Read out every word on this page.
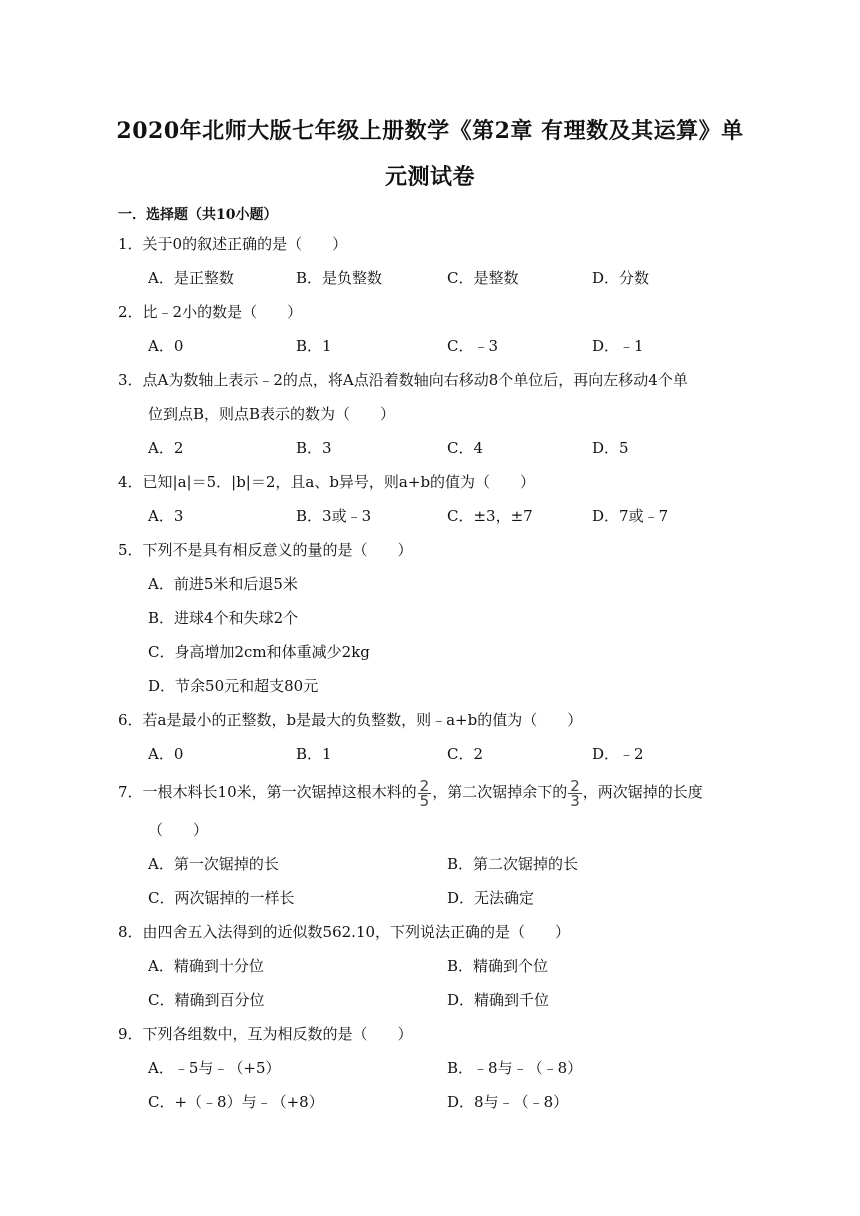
2020年北师大版七年级上册数学《第2章 有理数及其运算》单
元测试卷
一．选择题（共10小题）
1．关于0的叙述正确的是（　　）
A．是正整数	B．是负整数	C．是整数	D．分数
2．比﹣2小的数是（　　）
A．0	B．1	C．﹣3	D．﹣1
3．点A为数轴上表示﹣2的点，将A点沿着数轴向右移动8个单位后，再向左移动4个单
位到点B，则点B表示的数为（　　）
A．2	B．3	C．4	D．5
4．已知|a|＝5．|b|＝2，且a、b异号，则a+b的值为（　　）
A．3	B．3或﹣3	C．±3，±7	D．7或﹣7
5．下列不是具有相反意义的量的是（　　）
A．前进5米和后退5米
B．进球4个和失球2个
C．身高增加2cm和体重减少2kg
D．节余50元和超支80元
6．若a是最小的正整数，b是最大的负整数，则﹣a+b的值为（　　）
A．0	B．1	C．2	D．﹣2
7．一根木料长10米，第一次锯掉这根木料的 $\frac{2}{5}$ ，第二次锯掉余下的 $\frac{2}{3}$ ，两次锯掉的长度
（　　）
A．第一次锯掉的长	B．第二次锯掉的长
C．两次锯掉的一样长	D．无法确定
8．由四舍五入法得到的近似数562.10，下列说法正确的是（　　）
A．精确到十分位	B．精确到个位
C．精确到百分位	D．精确到千位
9．下列各组数中，互为相反数的是（　　）
A．﹣5与﹣（+5）	B．﹣8与﹣（﹣8）
C．+（﹣8）与﹣（+8）	D．8与﹣（﹣8）
